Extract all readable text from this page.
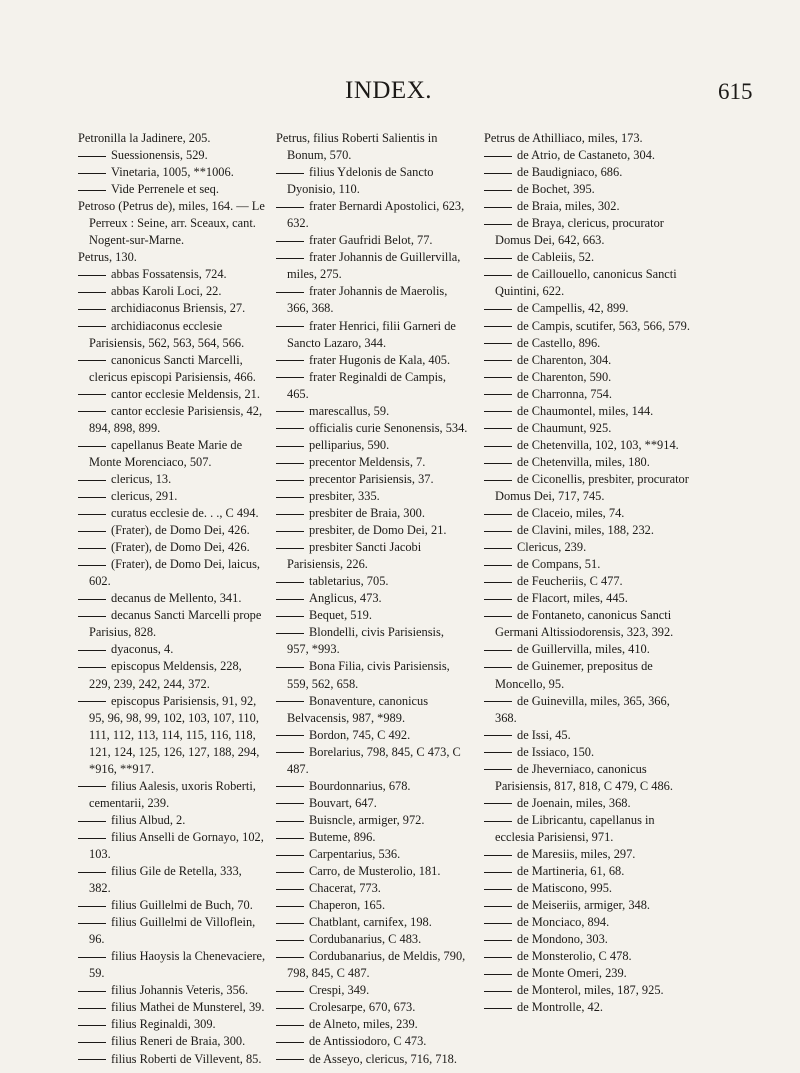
INDEX.	615

Petronilla la Jadinere, 205.

Suessionensis, 529.

Vinetaria, 1005, **1006.

Vide Perrenele et seq.

Petroso (Petrus de), miles, 164. — Le Perreux : Seine, arr. Sceaux, cant. Nogent-sur-Marne.

Petrus, 130.

abbas Fossatensis, 724.

abbas Karoli Loci, 22.

archidiaconus Briensis, 27.

archidiaconus ecclesie Parisiensis, 562, 563, 564, 566.

canonicus Sancti Marcelli, clericus episcopi Parisiensis, 466.

cantor ecclesie Meldensis, 21.

cantor ecclesie Parisiensis, 42, 894, 898, 899.

capellanus Beate Marie de Monte Morenciaco, 507.

clericus, 13.

clericus, 291.

curatus ecclesie de. . ., C 494.

(Frater), de Domo Dei, 426.

(Frater), de Domo Dei, 426.

(Frater), de Domo Dei, laicus, 602.

decanus de Mellento, 341.

decanus Sancti Marcelli prope Parisius, 828.

dyaconus, 4.

episcopus Meldensis, 228, 229, 239, 242, 244, 372.

episcopus Parisiensis, 91, 92, 95, 96, 98, 99, 102, 103, 107, 110, 111, 112, 113, 114, 115, 116, 118, 121, 124, 125, 126, 127, 188, 294, *916, **917.

filius Aalesis, uxoris Roberti, cementarii, 239.

filius Albud, 2.

filius Anselli de Gornayo, 102, 103.

filius Gile de Retella, 333, 382.

filius Guillelmi de Buch, 70.

filius Guillelmi de Villoflein, 96.

filius Haoysis la Chenevaciere, 59.

filius Johannis Veteris, 356.

filius Mathei de Munsterel, 39.

filius Reginaldi, 309.

filius Reneri de Braia, 300.

filius Roberti de Villevent, 85.

Petrus, filius Roberti Salientis in Bonum, 570.

filius Ydelonis de Sancto Dyonisio, 110.

frater Bernardi Apostolici, 623, 632.

frater Gaufridi Belot, 77.

frater Johannis de Guillervilla, miles, 275.

frater Johannis de Maerolis, 366, 368.

frater Henrici, filii Garneri de Sancto Lazaro, 344.

frater Hugonis de Kala, 405.

frater Reginaldi de Campis, 465.

marescallus, 59.

officialis curie Senonensis, 534.

pelliparius, 590.

precentor Meldensis, 7.

precentor Parisiensis, 37.

presbiter, 335.

presbiter de Braia, 300.

presbiter, de Domo Dei, 21.

presbiter Sancti Jacobi Parisiensis, 226.

tabletarius, 705.

Anglicus, 473.

Bequet, 519.

Blondelli, civis Parisiensis, 957, *993.

Bona Filia, civis Parisiensis, 559, 562, 658.

Bonaventure, canonicus Belvacensis, 987, *989.

Bordon, 745, C 492.

Borelarius, 798, 845, C 473, C 487.

Bourdonnarius, 678.

Bouvart, 647.

Buisncle, armiger, 972.

Buteme, 896.

Carpentarius, 536.

Carro, de Musterolio, 181.

Chacerat, 773.

Chaperon, 165.

Chatblant, carnifex, 198.

Cordubanarius, C 483.

Cordubanarius, de Meldis, 790, 798, 845, C 487.

Crespi, 349.

Crolesarpe, 670, 673.

de Alneto, miles, 239.

de Antissiodoro, C 473.

de Asseyo, clericus, 716, 718.

Petrus de Athilliaco, miles, 173.

de Atrio, de Castaneto, 304.

de Baudigniaco, 686.

de Bochet, 395.

de Braia, miles, 302.

de Braya, clericus, procurator Domus Dei, 642, 663.

de Cableiis, 52.

de Caillouello, canonicus Sancti Quintini, 622.

de Campellis, 42, 899.

de Campis, scutifer, 563, 566, 579.

de Castello, 896.

de Charenton, 304.

de Charenton, 590.

de Charronna, 754.

de Chaumontel, miles, 144.

de Chaumunt, 925.

de Chetenvilla, 102, 103, **914.

de Chetenvilla, miles, 180.

de Ciconellis, presbiter, procurator Domus Dei, 717, 745.

de Claceio, miles, 74.

de Clavini, miles, 188, 232.

Clericus, 239.

de Compans, 51.

de Feucheriis, C 477.

de Flacort, miles, 445.

de Fontaneto, canonicus Sancti Germani Altissiodorensis, 323, 392.

de Guillervilla, miles, 410.

de Guinemer, prepositus de Moncello, 95.

de Guinevilla, miles, 365, 366, 368.

de Issi, 45.

de Issiaco, 150.

de Jheverniaco, canonicus Parisiensis, 817, 818, C 479, C 486.

de Joenain, miles, 368.

de Libricantu, capellanus in ecclesia Parisiensi, 971.

de Maresiis, miles, 297.

de Martineria, 61, 68.

de Matiscono, 995.

de Meiseriis, armiger, 348.

de Monciaco, 894.

de Mondono, 303.

de Monsterolio, C 478.

de Monte Omeri, 239.

de Monterol, miles, 187, 925.

de Montrolle, 42.
